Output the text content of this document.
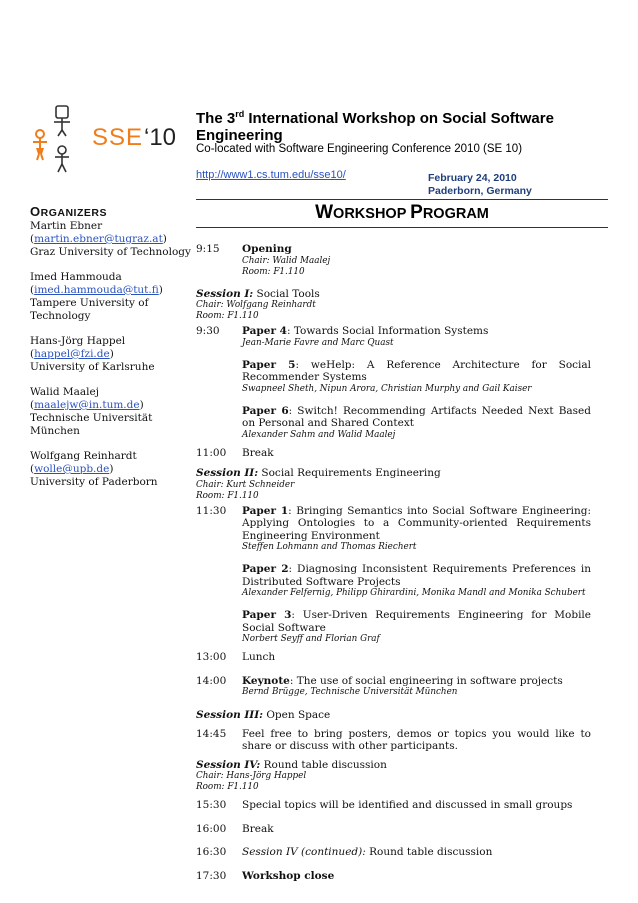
SSE ‘10
The 3rd International Workshop on Social Software Engineering
Co-located with Software Engineering Conference 2010 (SE 10)
http://www1.cs.tum.edu/sse10/	February 24, 2010
Paderborn, Germany
WORKSHOP PROGRAM
ORGANIZERS
Martin Ebner
(martin.ebner@tugraz.at)
Graz University of Technology
Imed Hammouda
(imed.hammouda@tut.fi)
Tampere University of Technology
Hans-Jörg Happel
(happel@fzi.de)
University of Karlsruhe
Walid Maalej
(maalejw@in.tum.de)
Technische Universität München
Wolfgang Reinhardt
(wolle@upb.de)
University of Paderborn
9:15	Opening
Chair: Walid Maalej
Room: F1.110
Session I: Social Tools
Chair: Wolfgang Reinhardt
Room: F1.110
9:30	Paper 4: Towards Social Information Systems
Jean-Marie Favre and Marc Quast
Paper 5: weHelp: A Reference Architecture for Social Recommender Systems
Swapneel Sheth, Nipun Arora, Christian Murphy and Gail Kaiser
Paper 6: Switch! Recommending Artifacts Needed Next Based on Personal and Shared Context
Alexander Sahm and Walid Maalej
11:00	Break
Session II: Social Requirements Engineering
Chair: Kurt Schneider
Room: F1.110
11:30	Paper 1: Bringing Semantics into Social Software Engineering: Applying Ontologies to a Community-oriented Requirements Engineering Environment
Steffen Lohmann and Thomas Riechert
Paper 2: Diagnosing Inconsistent Requirements Preferences in Distributed Software Projects
Alexander Felfernig, Philipp Ghirardini, Monika Mandl and Monika Schubert
Paper 3: User-Driven Requirements Engineering for Mobile Social Software
Norbert Seyff and Florian Graf
13:00	Lunch
14:00	Keynote: The use of social engineering in software projects
Bernd Brügge, Technische Universität München
Session III: Open Space
14:45	Feel free to bring posters, demos or topics you would like to share or discuss with other participants.
Session IV: Round table discussion
Chair: Hans-Jörg Happel
Room: F1.110
15:30	Special topics will be identified and discussed in small groups
16:00	Break
16:30	Session IV (continued): Round table discussion
17:30	Workshop close
